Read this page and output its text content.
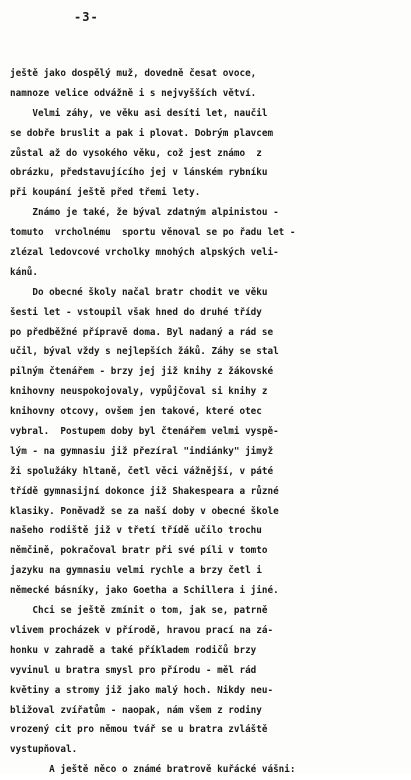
-3-
ještě jako dospělý muž, dovedně česat ovoce,
namnoze velice odvážně i s nejvyšších větví.
Velmi záhy, ve věku asi desíti let, naučil
se dobře bruslit a pak i plovat. Dobrým plavcem
zůstal až do vysokého věku, což jest známo  z
obrázku, představujícího jej v lánském rybníku
při koupání ještě před třemi lety.
Známo je také, že býval zdatným alpinistou -
tomuto  vrcholnému  sportu věnoval se po řadu let -
zlézal ledovcové vrcholky mnohých alpských veli-
kánů.
Do obecné školy načal bratr chodit ve věku
šesti let - vstoupil však hned do druhé třídy
po předběžné přípravě doma. Byl nadaný a rád se
učil, býval vždy s nejlepších žáků. Záhy se stal
pilným čtenářem - brzy jej již knihy z žákovské
knihovny neuspokojovaly, vypůjčoval si knihy z
knihovny otcovy, ovšem jen takové, které otec
vybral.  Postupem doby byl čtenářem velmi vyspě-
lým - na gymnasiu již přezíral "indiánky" jimyž
ži spolužáky hltaně, četl věci vážnější, v páté
třídě gymnasijní dokonce již Shakespeara a různé
klasiky. Poněvadž se za naší doby v obecné škole
našeho rodiště již v třetí třídě učilo trochu
němčině, pokračoval bratr při své píli v tomto
jazyku na gymnasiu velmi rychle a brzy četl i
německé básníky, jako Goetha a Schillera i jiné.
Chci se ještě zmínit o tom, jak se, patrně
vlivem procházek v přírodě, hravou prací na zá-
honku v zahradě a také příkladem rodičů brzy
vyvinul u bratra smysl pro přírodu - měl rád
květiny a stromy již jako malý hoch. Nikdy neu-
bližoval zvířatům - naopak, nám všem z rodiny
vrozený cit pro němou tvář se u bratra zvláště
vystupňoval.
A ještě něco o známé bratrově kuřácké vášni:
